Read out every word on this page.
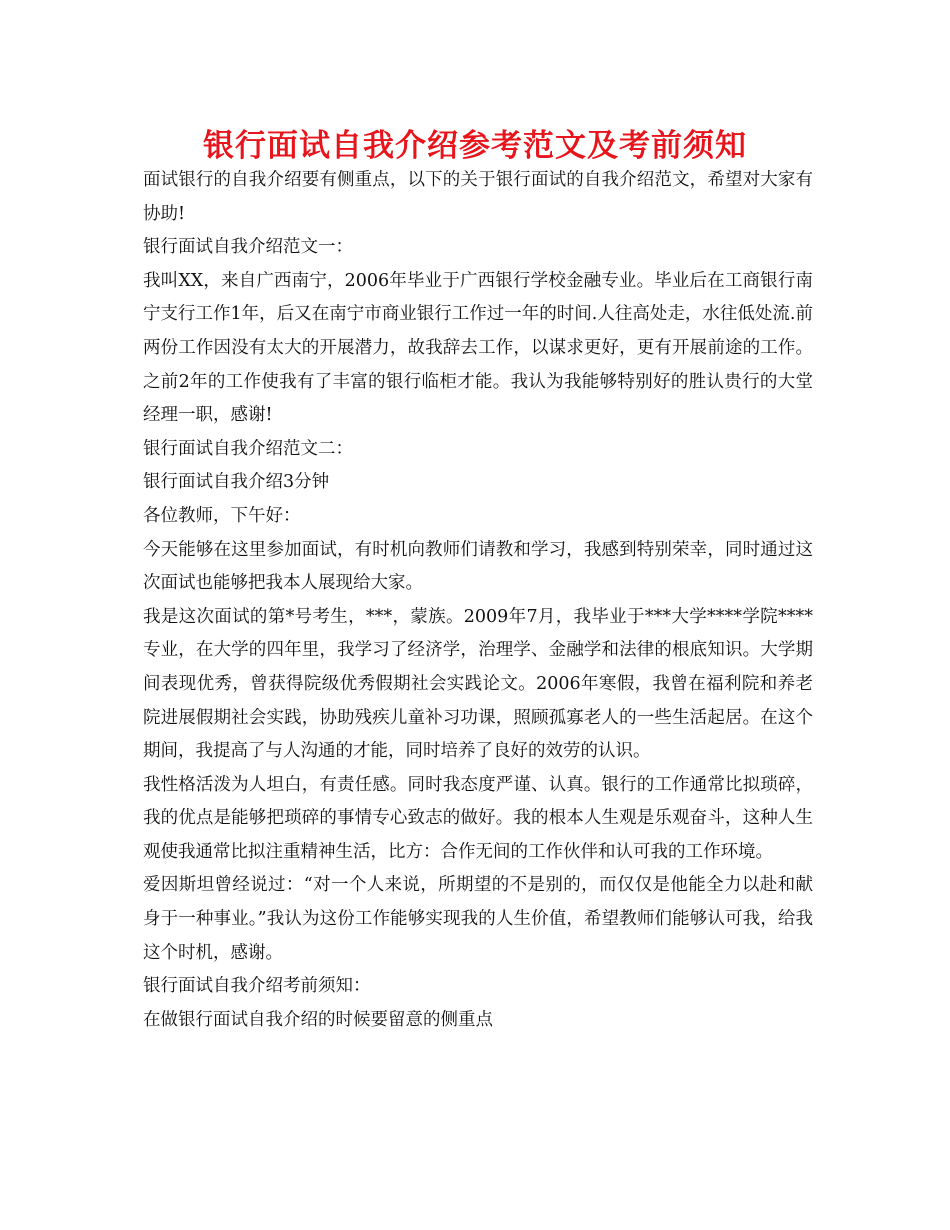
银行面试自我介绍参考范文及考前须知

面试银行的自我介绍要有侧重点，以下的关于银行面试的自我介绍范文，希望对大家有协助!

银行面试自我介绍范文一：

我叫XX，来自广西南宁，2006年毕业于广西银行学校金融专业。毕业后在工商银行南宁支行工作1年，后又在南宁市商业银行工作过一年的时间.人往高处走，水往低处流.前两份工作因没有太大的开展潜力，故我辞去工作，以谋求更好，更有开展前途的工作。之前2年的工作使我有了丰富的银行临柜才能。我认为我能够特别好的胜认贵行的大堂经理一职，感谢!

银行面试自我介绍范文二：

银行面试自我介绍3分钟

各位教师，下午好：

今天能够在这里参加面试，有时机向教师们请教和学习，我感到特别荣幸，同时通过这次面试也能够把我本人展现给大家。

我是这次面试的第*号考生，***，蒙族。2009年7月，我毕业于***大学****学院****专业，在大学的四年里，我学习了经济学，治理学、金融学和法律的根底知识。大学期间表现优秀，曾获得院级优秀假期社会实践论文。2006年寒假，我曾在福利院和养老院进展假期社会实践，协助残疾儿童补习功课，照顾孤寡老人的一些生活起居。在这个期间，我提高了与人沟通的才能，同时培养了良好的效劳的认识。

我性格活泼为人坦白，有责任感。同时我态度严谨、认真。银行的工作通常比拟琐碎，我的优点是能够把琐碎的事情专心致志的做好。我的根本人生观是乐观奋斗，这种人生观使我通常比拟注重精神生活，比方：合作无间的工作伙伴和认可我的工作环境。

爱因斯坦曾经说过：“对一个人来说，所期望的不是别的，而仅仅是他能全力以赴和献身于一种事业。”我认为这份工作能够实现我的人生价值，希望教师们能够认可我，给我这个时机，感谢。

银行面试自我介绍考前须知：

在做银行面试自我介绍的时候要留意的侧重点
